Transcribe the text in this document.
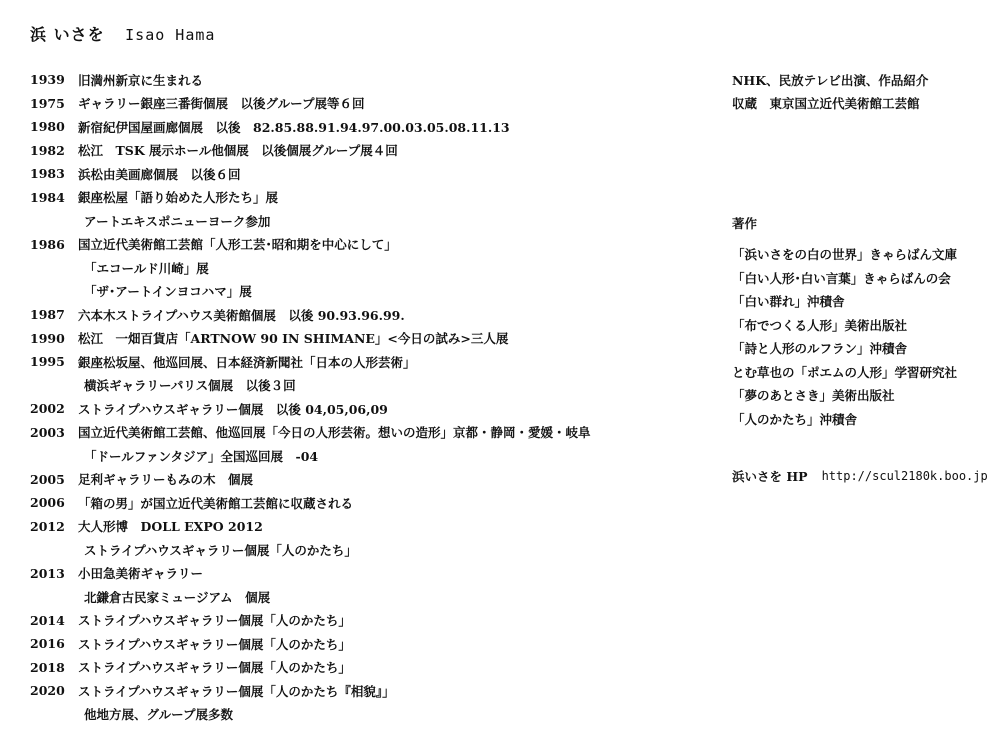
浜 いさを Isao Hama
1939	旧満州新京に生まれる
1975	ギャラリー銀座三番街個展　以後グループ展等６回
1980	新宿紀伊国屋画廊個展　以後　82.85.88.91.94.97.00.03.05.08.11.13
1982	松江　TSK 展示ホール他個展　以後個展グループ展４回
1983	浜松由美画廊個展　以後６回
1984	銀座松屋「語り始めた人形たち」展
アートエキスポニューヨーク参加
1986	国立近代美術館工芸館「人形工芸･昭和期を中心にして」
「エコールド川崎」展
「ザ･アートインヨコハマ」展
1987	六本木ストライプハウス美術館個展　以後 90.93.96.99.
1990	松江　一畑百貨店「ARTNOW 90 IN SHIMANE」<今日の試み>三人展
1995	銀座松坂屋、他巡回展、日本経済新聞社「日本の人形芸術」
横浜ギャラリーパリス個展　以後３回
2002	ストライプハウスギャラリー個展　以後 04,05,06,09
2003	国立近代美術館工芸館、他巡回展「今日の人形芸術。想いの造形」京都・静岡・愛媛・岐阜
「ドールファンタジア」全国巡回展　-04
2005	足利ギャラリーもみの木　個展
2006	「箱の男」が国立近代美術館工芸館に収蔵される
2012	大人形博　DOLL EXPO 2012
ストライプハウスギャラリー個展「人のかたち」
2013	小田急美術ギャラリー
北鎌倉古民家ミュージアム　個展
2014	ストライプハウスギャラリー個展「人のかたち」
2016	ストライプハウスギャラリー個展「人のかたち」
2018	ストライプハウスギャラリー個展「人のかたち」
2020	ストライプハウスギャラリー個展「人のかたち『相貌』」
他地方展、グループ展多数
NHK、民放テレビ出演、作品紹介
収蔵　東京国立近代美術館工芸館
著作
「浜いさをの白の世界」きゃらばん文庫
「白い人形･白い言葉」きゃらばんの会
「白い群れ」沖積舎
「布でつくる人形」美術出版社
「詩と人形のルフラン」沖積舎
とむ草也の「ポエムの人形」学習研究社
「夢のあとさき」美術出版社
「人のかたち」沖積舎
浜いさを HP http://scul2180k.boo.jp
